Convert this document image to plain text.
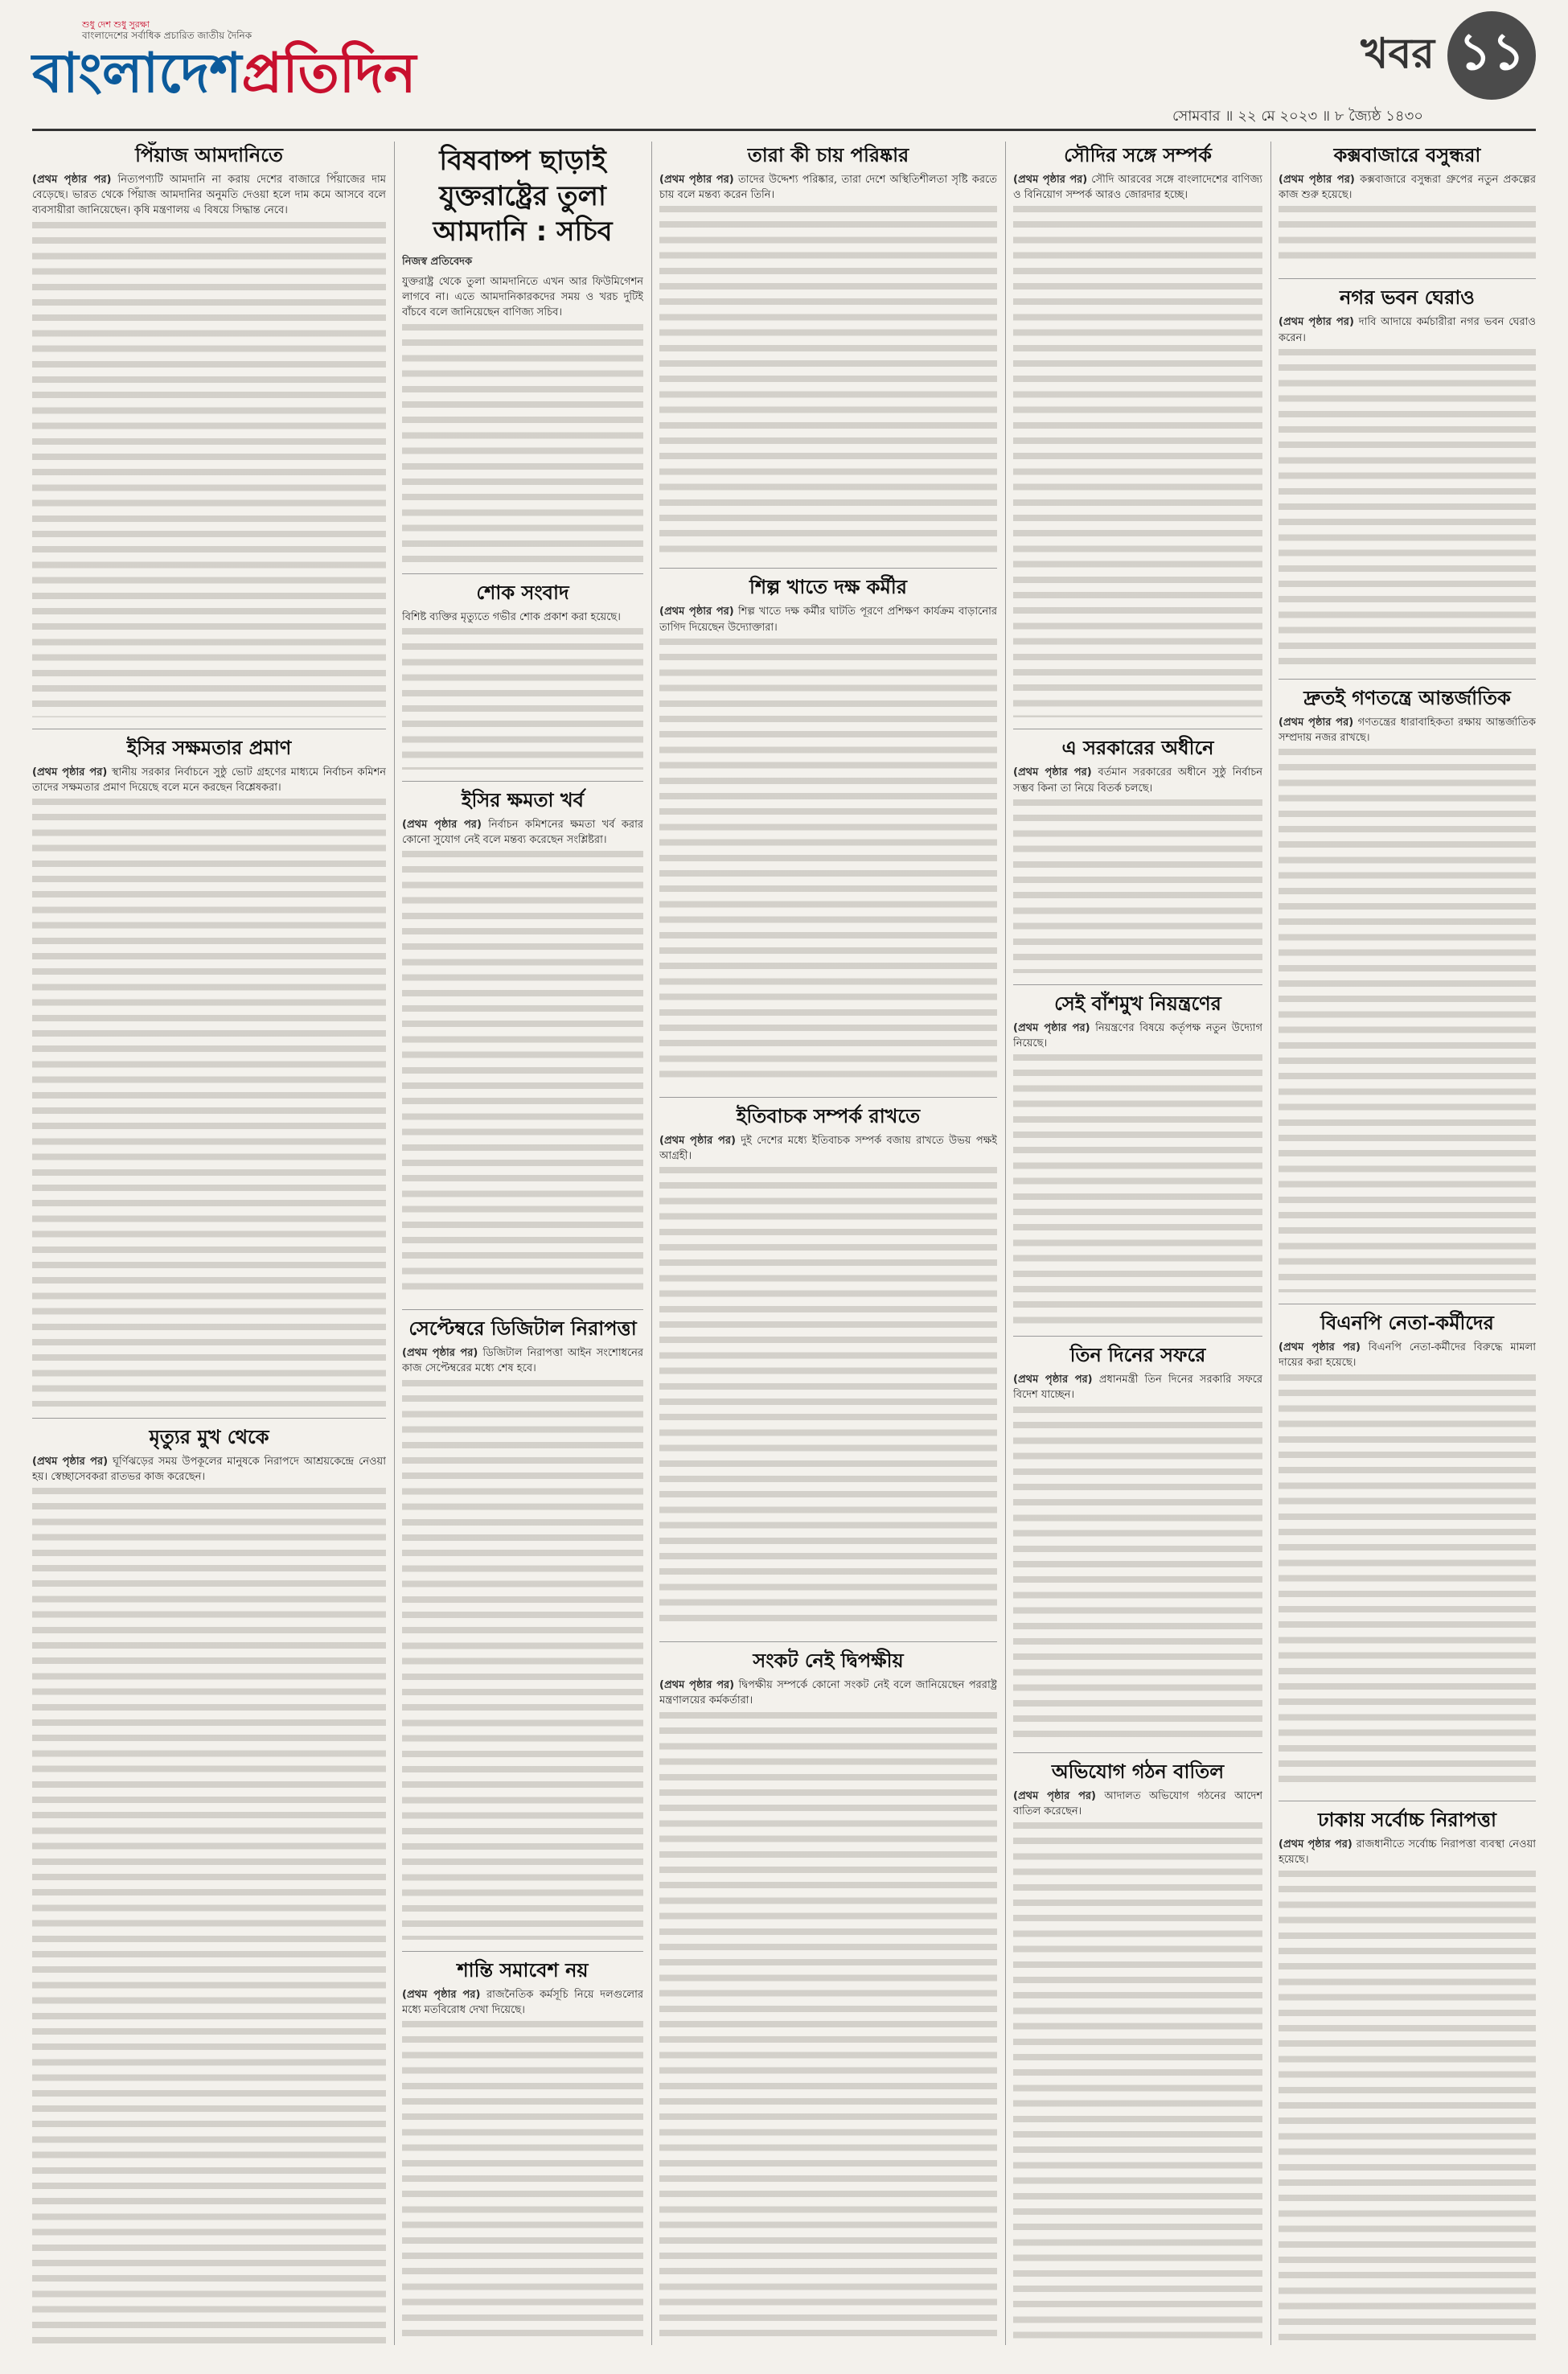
শুধু দেশ শুধু সুরক্ষা
বাংলাদেশের সর্বাধিক প্রচারিত জাতীয় দৈনিক
বাংলাদেশপ্রতিদিন	খবর ১১
সোমবার ॥ ২২ মে ২০২৩ ॥ ৮ জ্যৈষ্ঠ ১৪৩০
পিঁয়াজ আমদানিতে
(প্রথম পৃষ্ঠার পর) নিত্যপণ্যটি আমদানি না করায় দেশের বাজারে পিঁয়াজের দাম বেড়েছে। ভারত থেকে পিঁয়াজ আমদানির অনুমতি দেওয়া হলে দাম কমে আসবে বলে ব্যবসায়ীরা জানিয়েছেন। কৃষি মন্ত্রণালয় এ বিষয়ে সিদ্ধান্ত নেবে।
ইসির সক্ষমতার প্রমাণ
(প্রথম পৃষ্ঠার পর) স্থানীয় সরকার নির্বাচনে সুষ্ঠু ভোট গ্রহণের মাধ্যমে নির্বাচন কমিশন তাদের সক্ষমতার প্রমাণ দিয়েছে বলে মনে করছেন বিশ্লেষকরা।
মৃত্যুর মুখ থেকে
(প্রথম পৃষ্ঠার পর) ঘূর্ণিঝড়ের সময় উপকূলের মানুষকে নিরাপদে আশ্রয়কেন্দ্রে নেওয়া হয়। স্বেচ্ছাসেবকরা রাতভর কাজ করেছেন।
বিষবাষ্প ছাড়াই যুক্তরাষ্ট্রের তুলা আমদানি : সচিব
নিজস্ব প্রতিবেদক
যুক্তরাষ্ট্র থেকে তুলা আমদানিতে এখন আর ফিউমিগেশন লাগবে না। এতে আমদানিকারকদের সময় ও খরচ দুটিই বাঁচবে বলে জানিয়েছেন বাণিজ্য সচিব।
শোক সংবাদ
বিশিষ্ট ব্যক্তির মৃত্যুতে গভীর শোক প্রকাশ করা হয়েছে।
ইসির ক্ষমতা খর্ব
(প্রথম পৃষ্ঠার পর) নির্বাচন কমিশনের ক্ষমতা খর্ব করার কোনো সুযোগ নেই বলে মন্তব্য করেছেন সংশ্লিষ্টরা।
সেপ্টেম্বরে ডিজিটাল নিরাপত্তা
(প্রথম পৃষ্ঠার পর) ডিজিটাল নিরাপত্তা আইন সংশোধনের কাজ সেপ্টেম্বরের মধ্যে শেষ হবে।
শান্তি সমাবেশ নয়
(প্রথম পৃষ্ঠার পর) রাজনৈতিক কর্মসূচি নিয়ে দলগুলোর মধ্যে মতবিরোধ দেখা দিয়েছে।
তারা কী চায় পরিষ্কার
(প্রথম পৃষ্ঠার পর) তাদের উদ্দেশ্য পরিষ্কার, তারা দেশে অস্থিতিশীলতা সৃষ্টি করতে চায় বলে মন্তব্য করেন তিনি।
শিল্প খাতে দক্ষ কর্মীর
(প্রথম পৃষ্ঠার পর) শিল্প খাতে দক্ষ কর্মীর ঘাটতি পূরণে প্রশিক্ষণ কার্যক্রম বাড়ানোর তাগিদ দিয়েছেন উদ্যোক্তারা।
ইতিবাচক সম্পর্ক রাখতে
(প্রথম পৃষ্ঠার পর) দুই দেশের মধ্যে ইতিবাচক সম্পর্ক বজায় রাখতে উভয় পক্ষই আগ্রহী।
সংকট নেই দ্বিপক্ষীয়
(প্রথম পৃষ্ঠার পর) দ্বিপক্ষীয় সম্পর্কে কোনো সংকট নেই বলে জানিয়েছেন পররাষ্ট্র মন্ত্রণালয়ের কর্মকর্তারা।
সৌদির সঙ্গে সম্পর্ক
(প্রথম পৃষ্ঠার পর) সৌদি আরবের সঙ্গে বাংলাদেশের বাণিজ্য ও বিনিয়োগ সম্পর্ক আরও জোরদার হচ্ছে।
এ সরকারের অধীনে
(প্রথম পৃষ্ঠার পর) বর্তমান সরকারের অধীনে সুষ্ঠু নির্বাচন সম্ভব কিনা তা নিয়ে বিতর্ক চলছে।
সেই বাঁশমুখ নিয়ন্ত্রণের
(প্রথম পৃষ্ঠার পর) নিয়ন্ত্রণের বিষয়ে কর্তৃপক্ষ নতুন উদ্যোগ নিয়েছে।
তিন দিনের সফরে
(প্রথম পৃষ্ঠার পর) প্রধানমন্ত্রী তিন দিনের সরকারি সফরে বিদেশ যাচ্ছেন।
অভিযোগ গঠন বাতিল
(প্রথম পৃষ্ঠার পর) আদালত অভিযোগ গঠনের আদেশ বাতিল করেছেন।
কক্সবাজারে বসুন্ধরা
(প্রথম পৃষ্ঠার পর) কক্সবাজারে বসুন্ধরা গ্রুপের নতুন প্রকল্পের কাজ শুরু হয়েছে।
নগর ভবন ঘেরাও
(প্রথম পৃষ্ঠার পর) দাবি আদায়ে কর্মচারীরা নগর ভবন ঘেরাও করেন।
দ্রুতই গণতন্ত্রে আন্তর্জাতিক
(প্রথম পৃষ্ঠার পর) গণতন্ত্রের ধারাবাহিকতা রক্ষায় আন্তর্জাতিক সম্প্রদায় নজর রাখছে।
বিএনপি নেতা-কর্মীদের
(প্রথম পৃষ্ঠার পর) বিএনপি নেতা-কর্মীদের বিরুদ্ধে মামলা দায়ের করা হয়েছে।
ঢাকায় সর্বোচ্চ নিরাপত্তা
(প্রথম পৃষ্ঠার পর) রাজধানীতে সর্বোচ্চ নিরাপত্তা ব্যবস্থা নেওয়া হয়েছে।
